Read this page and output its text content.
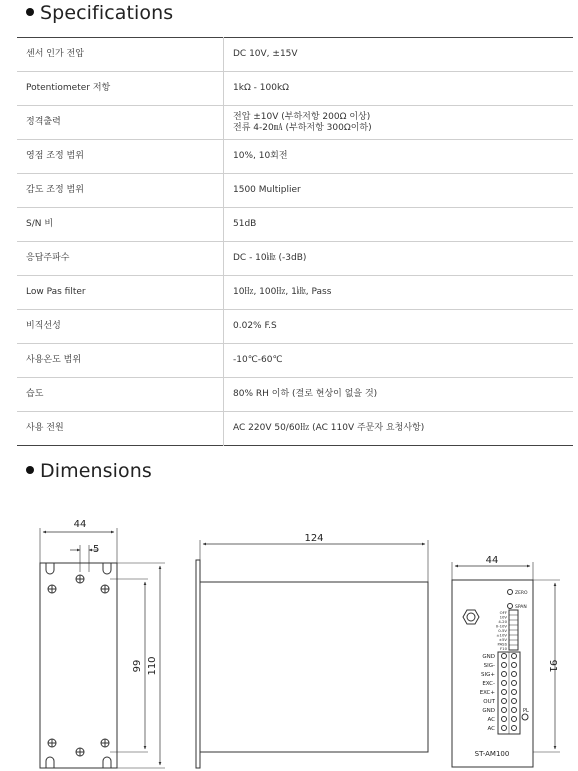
Specifications
센서 인가 전압	DC 10V, ±15V
Potentiometer 저항	1kΩ - 100kΩ
정격출력	전압 ±10V (부하저항 200Ω 이상)
전류 4-20㎃ (부하저항 300Ω이하)

영점 조정 범위	10%, 10회전
감도 조정 범위	1500 Multiplier
S/N 비	51dB
응답주파수	DC - 10㎑ (-3dB)
Low Pas filter	10㎐, 100㎐, 1㎑, Pass
비직선성	0.02% F.S
사용온도 범위	-10℃-60℃
습도	80% RH 이하 (결로 현상이 없을 것)
사용 전원	AC 220V 50/60㎐ (AC 110V 주문자 요청사항)
Dimensions
44
5
99 110
124
44
91
ZERO
SPAN
OFF
10V
4-20
0-10V
0-5V
±10V
±5V
PASS
F10
GND
SIG-
SIG+
EXC-
EXC+
OUT
GND
AC
AC
PL
ST-AM100
